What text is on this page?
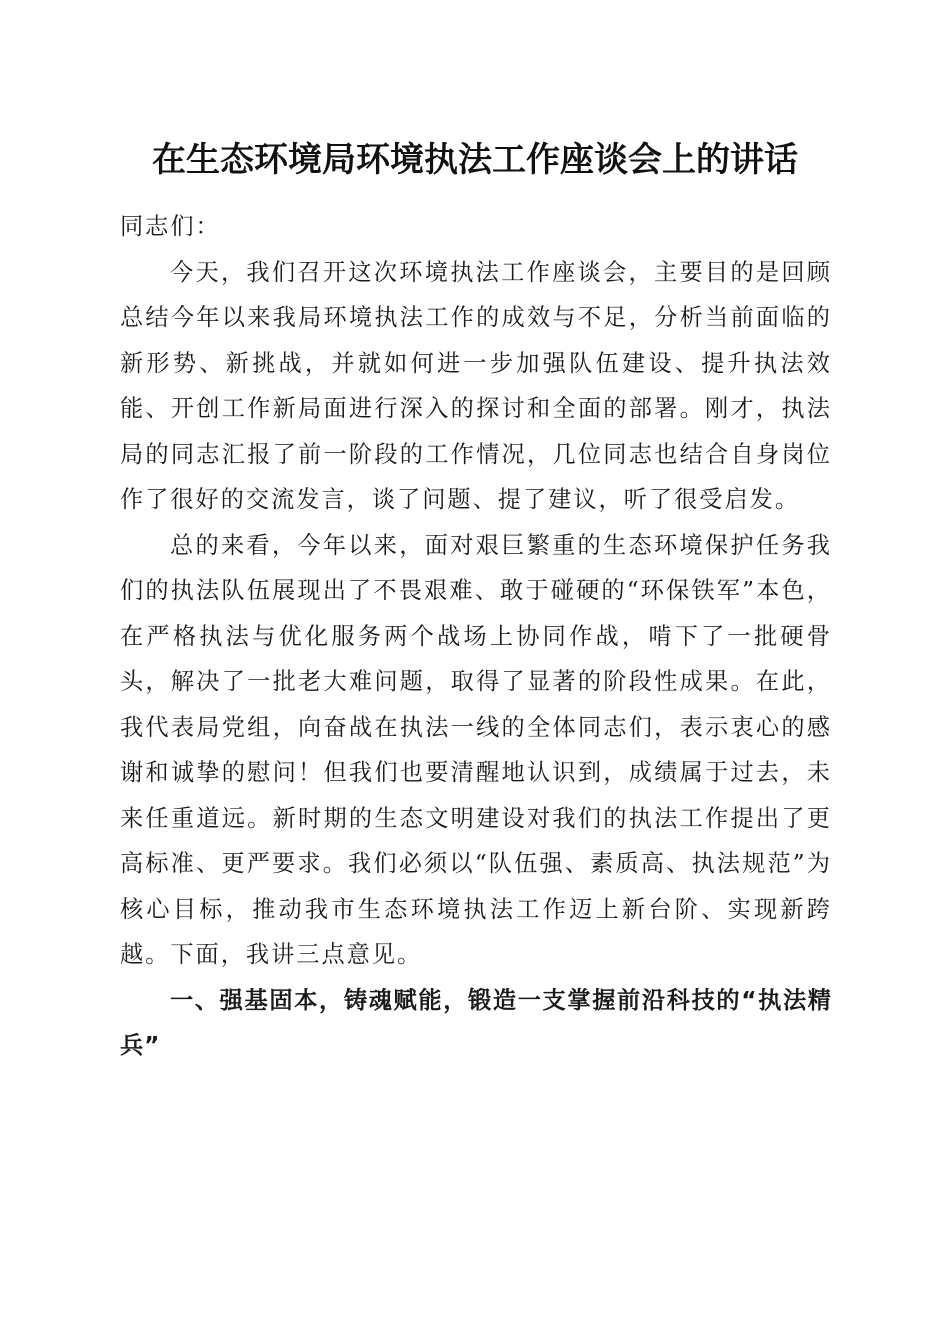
在生态环境局环境执法工作座谈会上的讲话

同志们：

今天，我们召开这次环境执法工作座谈会，主要目的是回顾总结今年以来我局环境执法工作的成效与不足，分析当前面临的新形势、新挑战，并就如何进一步加强队伍建设、提升执法效能、开创工作新局面进行深入的探讨和全面的部署。刚才，执法局的同志汇报了前一阶段的工作情况，几位同志也结合自身岗位作了很好的交流发言，谈了问题、提了建议，听了很受启发。

总的来看，今年以来，面对艰巨繁重的生态环境保护任务我们的执法队伍展现出了不畏艰难、敢于碰硬的“环保铁军”本色，在严格执法与优化服务两个战场上协同作战，啃下了一批硬骨头，解决了一批老大难问题，取得了显著的阶段性成果。在此，我代表局党组，向奋战在执法一线的全体同志们，表示衷心的感谢和诚挚的慰问！但我们也要清醒地认识到，成绩属于过去，未来任重道远。新时期的生态文明建设对我们的执法工作提出了更高标准、更严要求。我们必须以“队伍强、素质高、执法规范”为核心目标，推动我市生态环境执法工作迈上新台阶、实现新跨越。下面，我讲三点意见。

一、强基固本，铸魂赋能，锻造一支掌握前沿科技的“执法精兵”
